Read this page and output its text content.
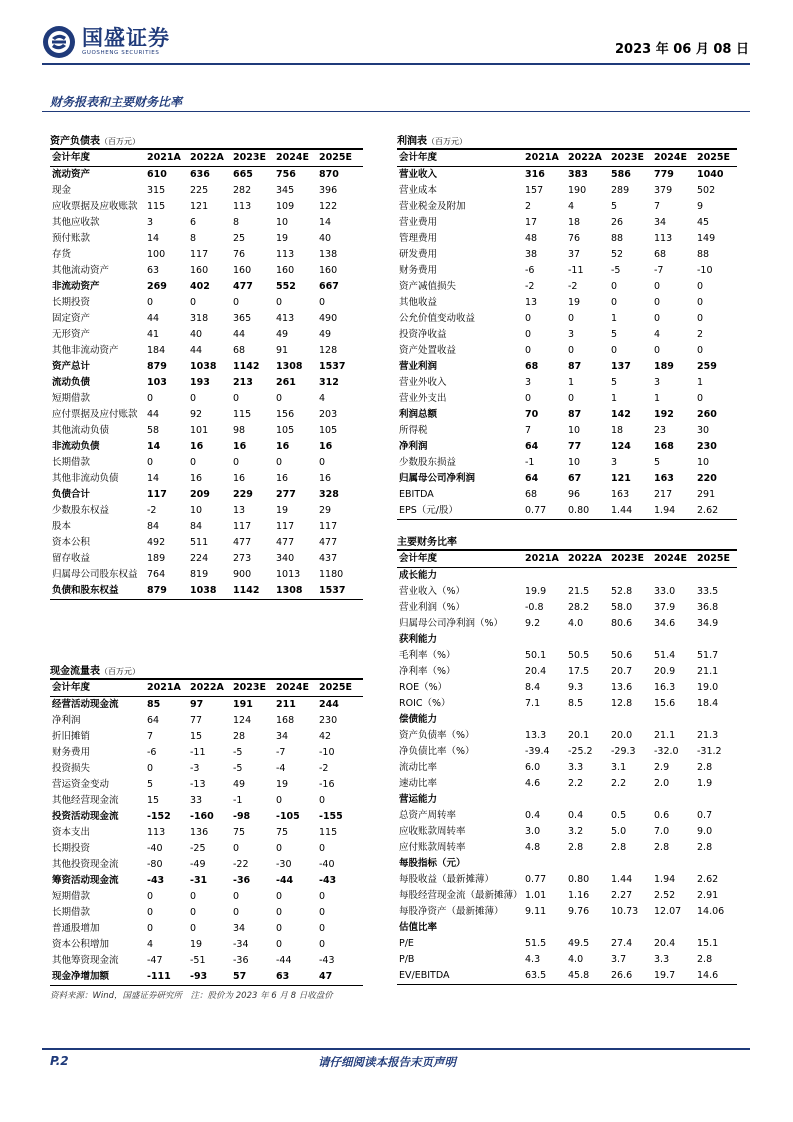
国盛证券
GUOSHENG SECURITIES	2023 年 06 月 08 日
财务报表和主要财务比率
资产负债表（百万元）	利润表（百万元）
主要财务比率
现金流量表（百万元）
会计年度	2021A	2022A	2023E	2024E	2025E
流动资产	610	636	665	756	870
现金	315	225	282	345	396
应收票据及应收账款	115	121	113	109	122
其他应收款	3	6	8	10	14
预付账款	14	8	25	19	40
存货	100	117	76	113	138
其他流动资产	63	160	160	160	160
非流动资产	269	402	477	552	667
长期投资	0	0	0	0	0
固定资产	44	318	365	413	490
无形资产	41	40	44	49	49
其他非流动资产	184	44	68	91	128
资产总计	879	1038	1142	1308	1537
流动负债	103	193	213	261	312
短期借款	0	0	0	0	4
应付票据及应付账款	44	92	115	156	203
其他流动负债	58	101	98	105	105
非流动负债	14	16	16	16	16
长期借款	0	0	0	0	0
其他非流动负债	14	16	16	16	16
负债合计	117	209	229	277	328
少数股东权益	-2	10	13	19	29
股本	84	84	117	117	117
资本公积	492	511	477	477	477
留存收益	189	224	273	340	437
归属母公司股东权益	764	819	900	1013	1180
负债和股东权益	879	1038	1142	1308	1537
会计年度	2021A	2022A	2023E	2024E	2025E
营业收入	316	383	586	779	1040
营业成本	157	190	289	379	502
营业税金及附加	2	4	5	7	9
营业费用	17	18	26	34	45
管理费用	48	76	88	113	149
研发费用	38	37	52	68	88
财务费用	-6	-11	-5	-7	-10
资产减值损失	-2	-2	0	0	0
其他收益	13	19	0	0	0
公允价值变动收益	0	0	1	0	0
投资净收益	0	3	5	4	2
资产处置收益	0	0	0	0	0
营业利润	68	87	137	189	259
营业外收入	3	1	5	3	1
营业外支出	0	0	1	1	0
利润总额	70	87	142	192	260
所得税	7	10	18	23	30
净利润	64	77	124	168	230
少数股东损益	-1	10	3	5	10
归属母公司净利润	64	67	121	163	220
EBITDA	68	96	163	217	291
EPS（元/股）	0.77	0.80	1.44	1.94	2.62
会计年度	2021A	2022A	2023E	2024E	2025E
成长能力					
营业收入（%）	19.9	21.5	52.8	33.0	33.5
营业利润（%）	-0.8	28.2	58.0	37.9	36.8
归属母公司净利润（%）	9.2	4.0	80.6	34.6	34.9
获利能力					
毛利率（%）	50.1	50.5	50.6	51.4	51.7
净利率（%）	20.4	17.5	20.7	20.9	21.1
ROE（%）	8.4	9.3	13.6	16.3	19.0
ROIC（%）	7.1	8.5	12.8	15.6	18.4
偿债能力					
资产负债率（%）	13.3	20.1	20.0	21.1	21.3
净负债比率（%）	-39.4	-25.2	-29.3	-32.0	-31.2
流动比率	6.0	3.3	3.1	2.9	2.8
速动比率	4.6	2.2	2.2	2.0	1.9
营运能力					
总资产周转率	0.4	0.4	0.5	0.6	0.7
应收账款周转率	3.0	3.2	5.0	7.0	9.0
应付账款周转率	4.8	2.8	2.8	2.8	2.8
每股指标（元）					
每股收益（最新摊薄）	0.77	0.80	1.44	1.94	2.62
每股经营现金流（最新摊薄）	1.01	1.16	2.27	2.52	2.91
每股净资产（最新摊薄）	9.11	9.76	10.73	12.07	14.06
估值比率					
P/E	51.5	49.5	27.4	20.4	15.1
P/B	4.3	4.0	3.7	3.3	2.8
EV/EBITDA	63.5	45.8	26.6	19.7	14.6
会计年度	2021A	2022A	2023E	2024E	2025E
经营活动现金流	85	97	191	211	244
净利润	64	77	124	168	230
折旧摊销	7	15	28	34	42
财务费用	-6	-11	-5	-7	-10
投资损失	0	-3	-5	-4	-2
营运资金变动	5	-13	49	19	-16
其他经营现金流	15	33	-1	0	0
投资活动现金流	-152	-160	-98	-105	-155
资本支出	113	136	75	75	115
长期投资	-40	-25	0	0	0
其他投资现金流	-80	-49	-22	-30	-40
筹资活动现金流	-43	-31	-36	-44	-43
短期借款	0	0	0	0	0
长期借款	0	0	0	0	0
普通股增加	0	0	34	0	0
资本公积增加	4	19	-34	0	0
其他筹资现金流	-47	-51	-36	-44	-43
现金净增加额	-111	-93	57	63	47
资料来源：Wind，国盛证券研究所　注：股价为 2023 年 6 月 8 日收盘价
P.2	请仔细阅读本报告末页声明
